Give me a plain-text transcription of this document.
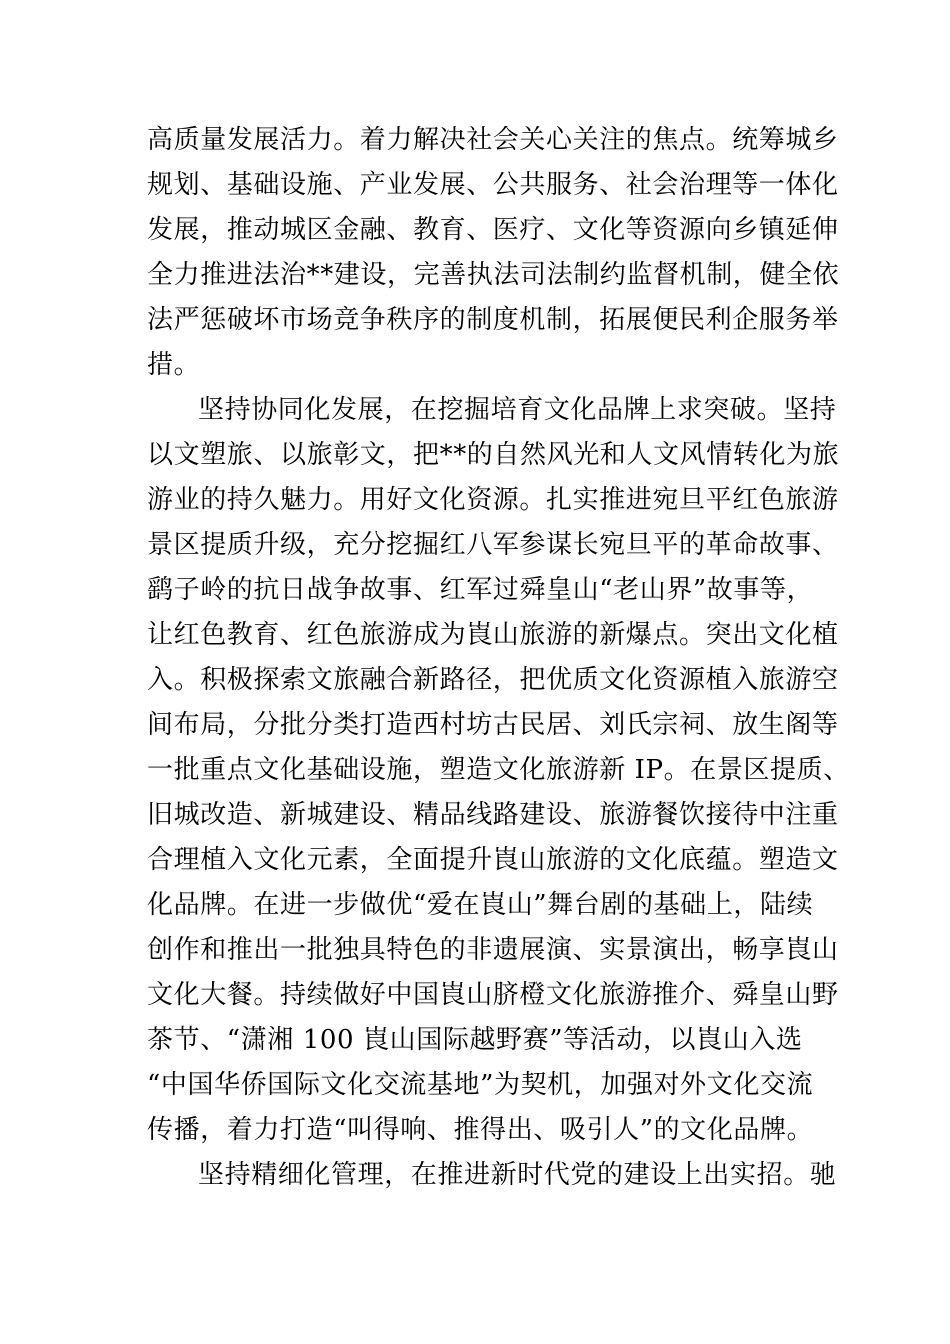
高质量发展活力。着力解决社会关心关注的焦点。统筹城乡
规划、基础设施、产业发展、公共服务、社会治理等一体化
发展，推动城区金融、教育、医疗、文化等资源向乡镇延伸
全力推进法治**建设，完善执法司法制约监督机制，健全依
法严惩破坏市场竞争秩序的制度机制，拓展便民利企服务举
措。
坚持协同化发展，在挖掘培育文化品牌上求突破。坚持
以文塑旅、以旅彰文，把**的自然风光和人文风情转化为旅
游业的持久魅力。用好文化资源。扎实推进宛旦平红色旅游
景区提质升级，充分挖掘红八军参谋长宛旦平的革命故事、
鹞子岭的抗日战争故事、红军过舜皇山“老山界”故事等，
让红色教育、红色旅游成为崀山旅游的新爆点。突出文化植
入。积极探索文旅融合新路径，把优质文化资源植入旅游空
间布局，分批分类打造西村坊古民居、刘氏宗祠、放生阁等
一批重点文化基础设施，塑造文化旅游新 IP。在景区提质、
旧城改造、新城建设、精品线路建设、旅游餐饮接待中注重
合理植入文化元素，全面提升崀山旅游的文化底蕴。塑造文
化品牌。在进一步做优“爱在崀山”舞台剧的基础上，陆续
创作和推出一批独具特色的非遗展演、实景演出，畅享崀山
文化大餐。持续做好中国崀山脐橙文化旅游推介、舜皇山野
茶节、“潇湘 100 崀山国际越野赛”等活动，以崀山入选
“中国华侨国际文化交流基地”为契机，加强对外文化交流
传播，着力打造“叫得响、推得出、吸引人”的文化品牌。
坚持精细化管理，在推进新时代党的建设上出实招。驰
